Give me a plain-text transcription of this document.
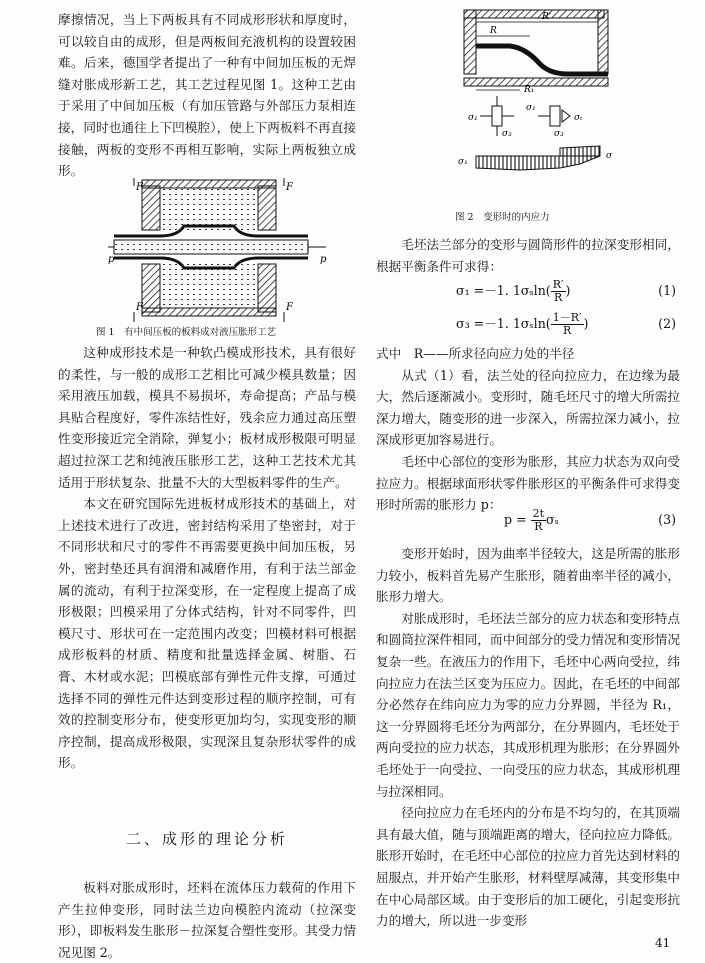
摩擦情况，当上下两板具有不同成形形状和厚度时，可以较自由的成形，但是两板间充液机构的设置较困难。后来，德国学者提出了一种有中间加压板的无焊缝对胀成形新工艺，其工艺过程见图 1。这种工艺由于采用了中间加压板（有加压管路与外部压力泵相连接，同时也通往上下凹模腔），使上下两板料不再直接接触，两板的变形不再相互影响，实际上两板独立成形。

F	F
F	F
p	p
图 1　有中间压板的板料成对液压胀形工艺

这种成形技术是一种软凸模成形技术，具有很好的柔性，与一般的成形工艺相比可减少模具数量；因采用液压加载，模具不易损坏，寿命提高；产品与模具贴合程度好，零件冻结性好，残余应力通过高压塑性变形接近完全消除，弹复小；板材成形极限可明显超过拉深工艺和纯液压胀形工艺，这种工艺技术尤其适用于形状复杂、批量不大的大型板料零件的生产。

本文在研究国际先进板材成形技术的基础上，对上述技术进行了改进，密封结构采用了垫密封，对于不同形状和尺寸的零件不再需要更换中间加压板，另外，密封垫还具有润滑和减磨作用，有利于法兰部金属的流动，有利于拉深变形，在一定程度上提高了成形极限；凹模采用了分体式结构，针对不同零件，凹模尺寸、形状可在一定范围内改变；凹模材料可根据成形板料的材质、精度和批量选择金属、树脂、石膏、木材或水泥；凹模底部有弹性元件支撑，可通过选择不同的弹性元件达到变形过程的顺序控制，可有效的控制变形分布，使变形更加均匀，实现变形的顺序控制，提高成形极限，实现深且复杂形状零件的成形。

二、成形的理论分析

板料对胀成形时，坯料在流体压力载荷的作用下产生拉伸变形，同时法兰边向模腔内流动（拉深变形），即板料发生胀形－拉深复合塑性变形。其受力情况见图 2。

R'
R
R₁
σ₁
σ₃
σ₁
σₜ
σ₃
σ
σ₁
图 2　变形时的内应力

毛坯法兰部分的变形与圆筒形件的拉深变形相同，根据平衡条件可求得：

σ₁ =－1. $1\sigma_s\ln( \frac{R'}{R}$ )	(1)
σ₃ =－1. $1\sigma_s\ln( \frac{1-R'}{R}$ )	(2)

式中　R——所求径向应力处的半径

从式（1）看，法兰处的径向拉应力，在边缘为最大，然后逐渐减小。变形时，随毛坯尺寸的增大所需拉深力增大，随变形的进一步深入，所需拉深力减小，拉深成形更加容易进行。

毛坯中心部位的变形为胀形，其应力状态为双向受拉应力。根据球面形状零件胀形区的平衡条件可求得变形时所需的胀形力 p：

$p = \frac{2t}{R}$ σₛ	(3)

变形开始时，因为曲率半径较大，这是所需的胀形力较小，板料首先易产生胀形，随着曲率半径的减小，胀形力增大。

对胀成形时，毛坯法兰部分的应力状态和变形特点和圆筒拉深件相同，而中间部分的受力情况和变形情况复杂一些。在液压力的作用下，毛坯中心两向受拉，纬向拉应力在法兰区变为压应力。因此，在毛坯的中间部分必然存在纬向应力为零的应力分界圆，半径为 R₁，这一分界圆将毛坯分为两部分，在分界圆内，毛坯处于两向受拉的应力状态，其成形机理为胀形；在分界圆外毛坯处于一向受拉、一向受压的应力状态，其成形机理与拉深相同。

径向拉应力在毛坯内的分布是不均匀的，在其顶端具有最大值，随与顶端距离的增大，径向拉应力降低。胀形开始时，在毛坯中心部位的拉应力首先达到材料的屈服点，并开始产生胀形，材料壁厚减薄，其变形集中在中心局部区域。由于变形后的加工硬化，引起变形抗力的增大，所以进一步变形

41
